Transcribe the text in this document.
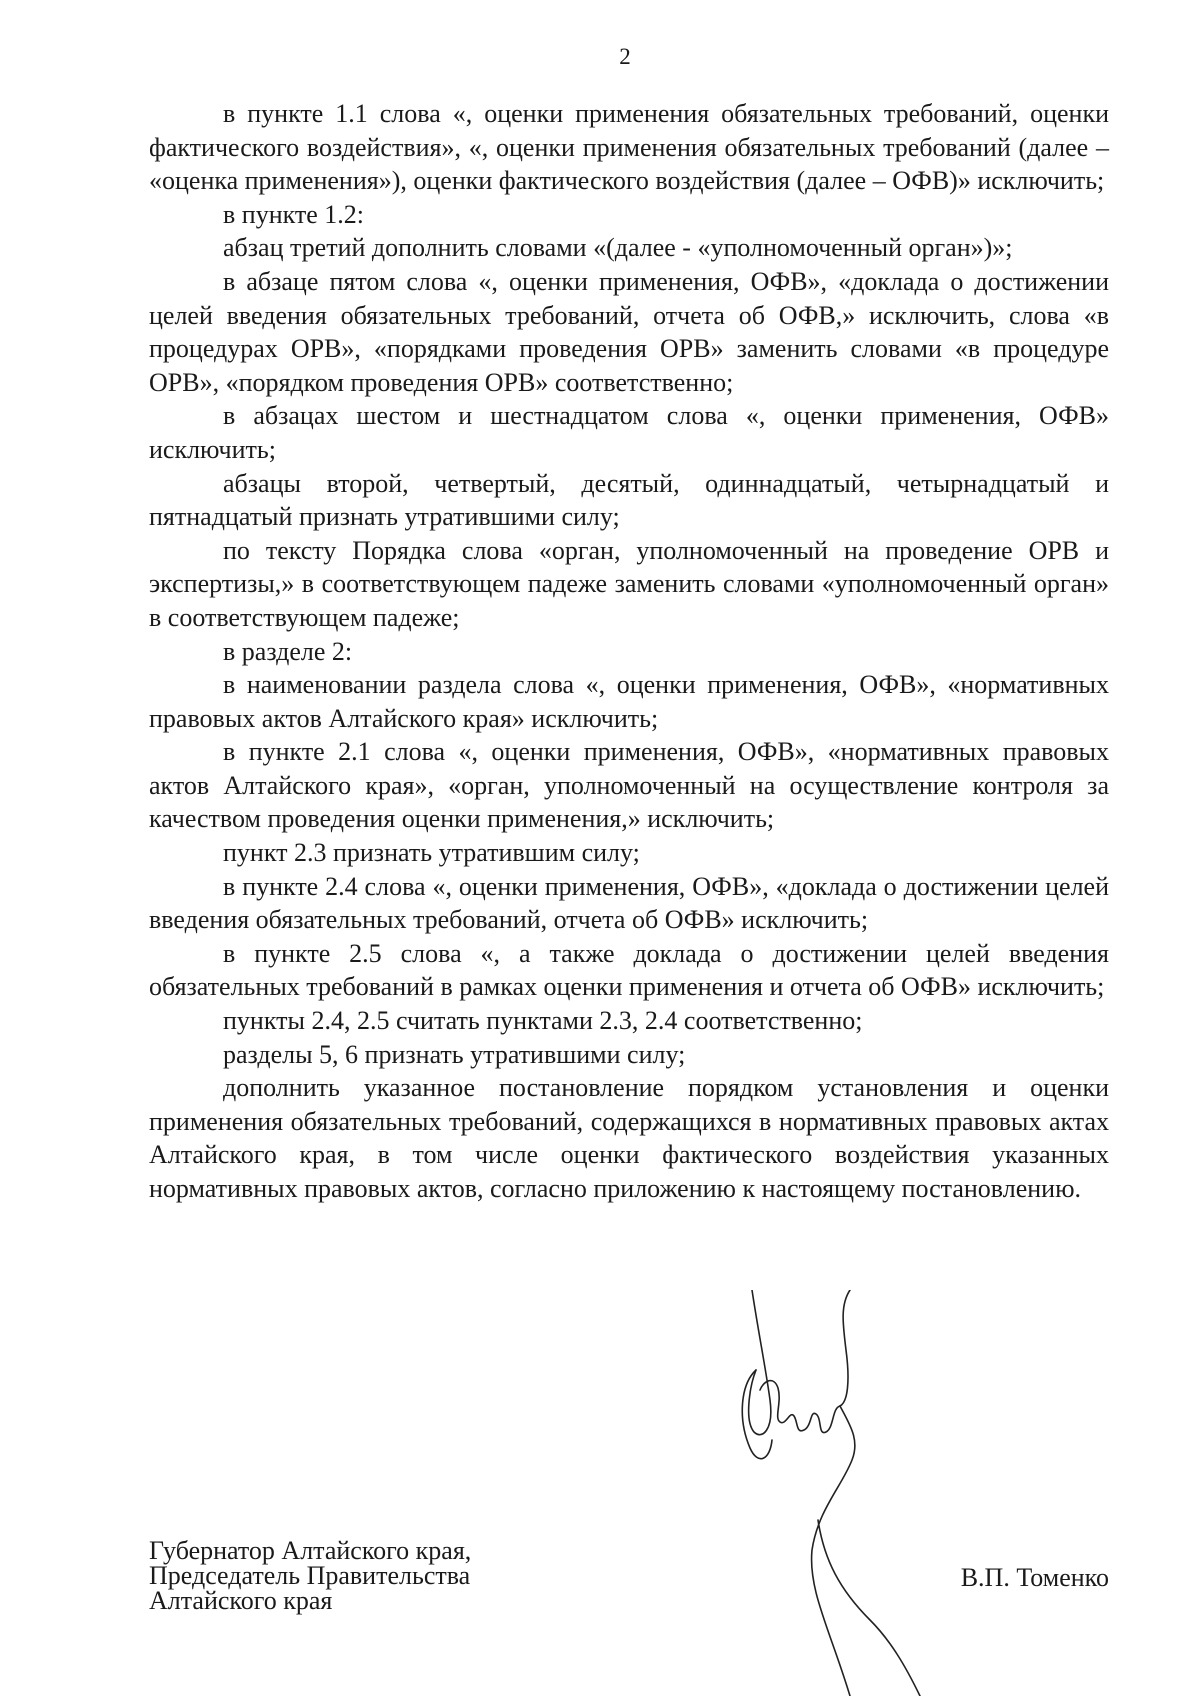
2

в пункте 1.1 слова «, оценки применения обязательных требований, оценки фактического воздействия», «, оценки применения обязательных требований (далее – «оценка применения»), оценки фактического воздействия (далее – ОФВ)» исключить;

в пункте 1.2:

абзац третий дополнить словами «(далее - «уполномоченный орган»)»;

в абзаце пятом слова «, оценки применения, ОФВ», «доклада о достижении целей введения обязательных требований, отчета об ОФВ,» исключить, слова «в процедурах ОРВ», «порядками проведения ОРВ» заменить словами «в процедуре ОРВ», «порядком проведения ОРВ» соответственно;

в абзацах шестом и шестнадцатом слова «, оценки применения, ОФВ» исключить;

абзацы второй, четвертый, десятый, одиннадцатый, четырнадцатый и пятнадцатый признать утратившими силу;

по тексту Порядка слова «орган, уполномоченный на проведение ОРВ и экспертизы,» в соответствующем падеже заменить словами «уполномоченный орган» в соответствующем падеже;

в разделе 2:

в наименовании раздела слова «, оценки применения, ОФВ», «нормативных правовых актов Алтайского края» исключить;

в пункте 2.1 слова «, оценки применения, ОФВ», «нормативных правовых актов Алтайского края», «орган, уполномоченный на осуществление контроля за качеством проведения оценки применения,» исключить;

пункт 2.3 признать утратившим силу;

в пункте 2.4 слова «, оценки применения, ОФВ», «доклада о достижении целей введения обязательных требований, отчета об ОФВ» исключить;

в пункте 2.5 слова «, а также доклада о достижении целей введения обязательных требований в рамках оценки применения и отчета об ОФВ» исключить;

пункты 2.4, 2.5 считать пунктами 2.3, 2.4 соответственно;

разделы 5, 6 признать утратившими силу;

дополнить указанное постановление порядком установления и оценки применения обязательных требований, содержащихся в нормативных правовых актах Алтайского края, в том числе оценки фактического воздействия указанных нормативных правовых актов, согласно приложению к настоящему постановлению.

Губернатор Алтайского края,
Председатель Правительства
Алтайского края
В.П. Томенко
